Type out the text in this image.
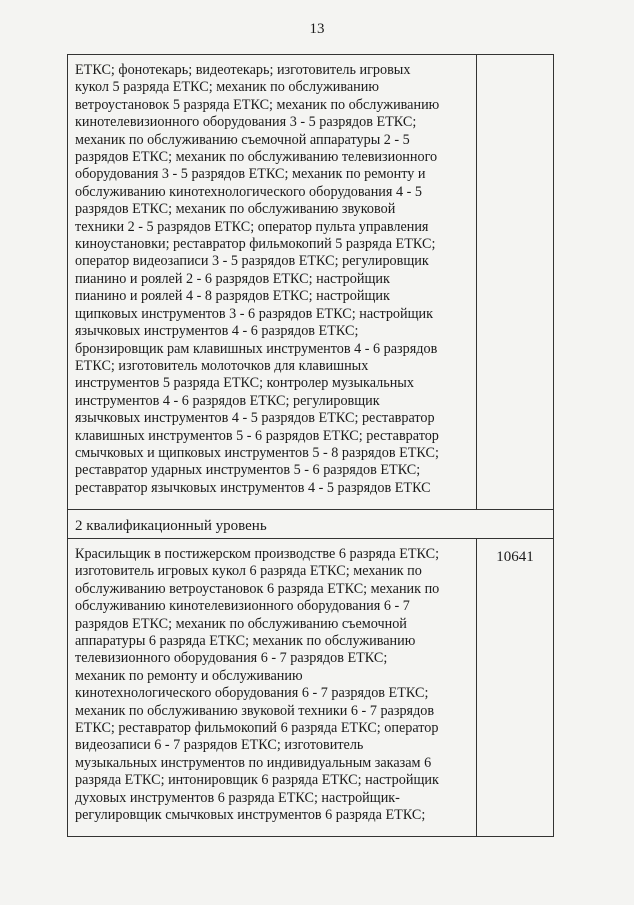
13
ЕТКС; фонотекарь; видеотекарь; изготовитель игровых
кукол 5 разряда ЕТКС; механик по обслуживанию
ветроустановок 5 разряда ЕТКС; механик по обслуживанию
кинотелевизионного оборудования 3 - 5 разрядов ЕТКС;
механик по обслуживанию съемочной аппаратуры 2 - 5
разрядов ЕТКС; механик по обслуживанию телевизионного
оборудования 3 - 5 разрядов ЕТКС; механик по ремонту и
обслуживанию кинотехнологического оборудования 4 - 5
разрядов ЕТКС; механик по обслуживанию звуковой
техники 2 - 5 разрядов ЕТКС; оператор пульта управления
киноустановки; реставратор фильмокопий 5 разряда ЕТКС;
оператор видеозаписи 3 - 5 разрядов ЕТКС; регулировщик
пианино и роялей 2 - 6 разрядов ЕТКС; настройщик
пианино и роялей 4 - 8 разрядов ЕТКС; настройщик
щипковых инструментов 3 - 6 разрядов ЕТКС; настройщик
язычковых инструментов 4 - 6 разрядов ЕТКС;
бронзировщик рам клавишных инструментов 4 - 6 разрядов
ЕТКС; изготовитель молоточков для клавишных
инструментов 5 разряда ЕТКС; контролер музыкальных
инструментов 4 - 6 разрядов ЕТКС; регулировщик
язычковых инструментов 4 - 5 разрядов ЕТКС; реставратор
клавишных инструментов 5 - 6 разрядов ЕТКС; реставратор
смычковых и щипковых инструментов 5 - 8 разрядов ЕТКС;
реставратор ударных инструментов 5 - 6 разрядов ЕТКС;
реставратор язычковых инструментов 4 - 5 разрядов ЕТКС
2 квалификационный уровень
Красильщик в постижерском производстве 6 разряда ЕТКС;
изготовитель игровых кукол 6 разряда ЕТКС; механик по
обслуживанию ветроустановок 6 разряда ЕТКС; механик по
обслуживанию кинотелевизионного оборудования 6 - 7
разрядов ЕТКС; механик по обслуживанию съемочной
аппаратуры 6 разряда ЕТКС; механик по обслуживанию
телевизионного оборудования 6 - 7 разрядов ЕТКС;
механик по ремонту и обслуживанию
кинотехнологического оборудования 6 - 7 разрядов ЕТКС;
механик по обслуживанию звуковой техники 6 - 7 разрядов
ЕТКС; реставратор фильмокопий 6 разряда ЕТКС; оператор
видеозаписи 6 - 7 разрядов ЕТКС; изготовитель
музыкальных инструментов по индивидуальным заказам 6
разряда ЕТКС; интонировщик 6 разряда ЕТКС; настройщик
духовых инструментов 6 разряда ЕТКС; настройщик-
регулировщик смычковых инструментов 6 разряда ЕТКС;
10641
